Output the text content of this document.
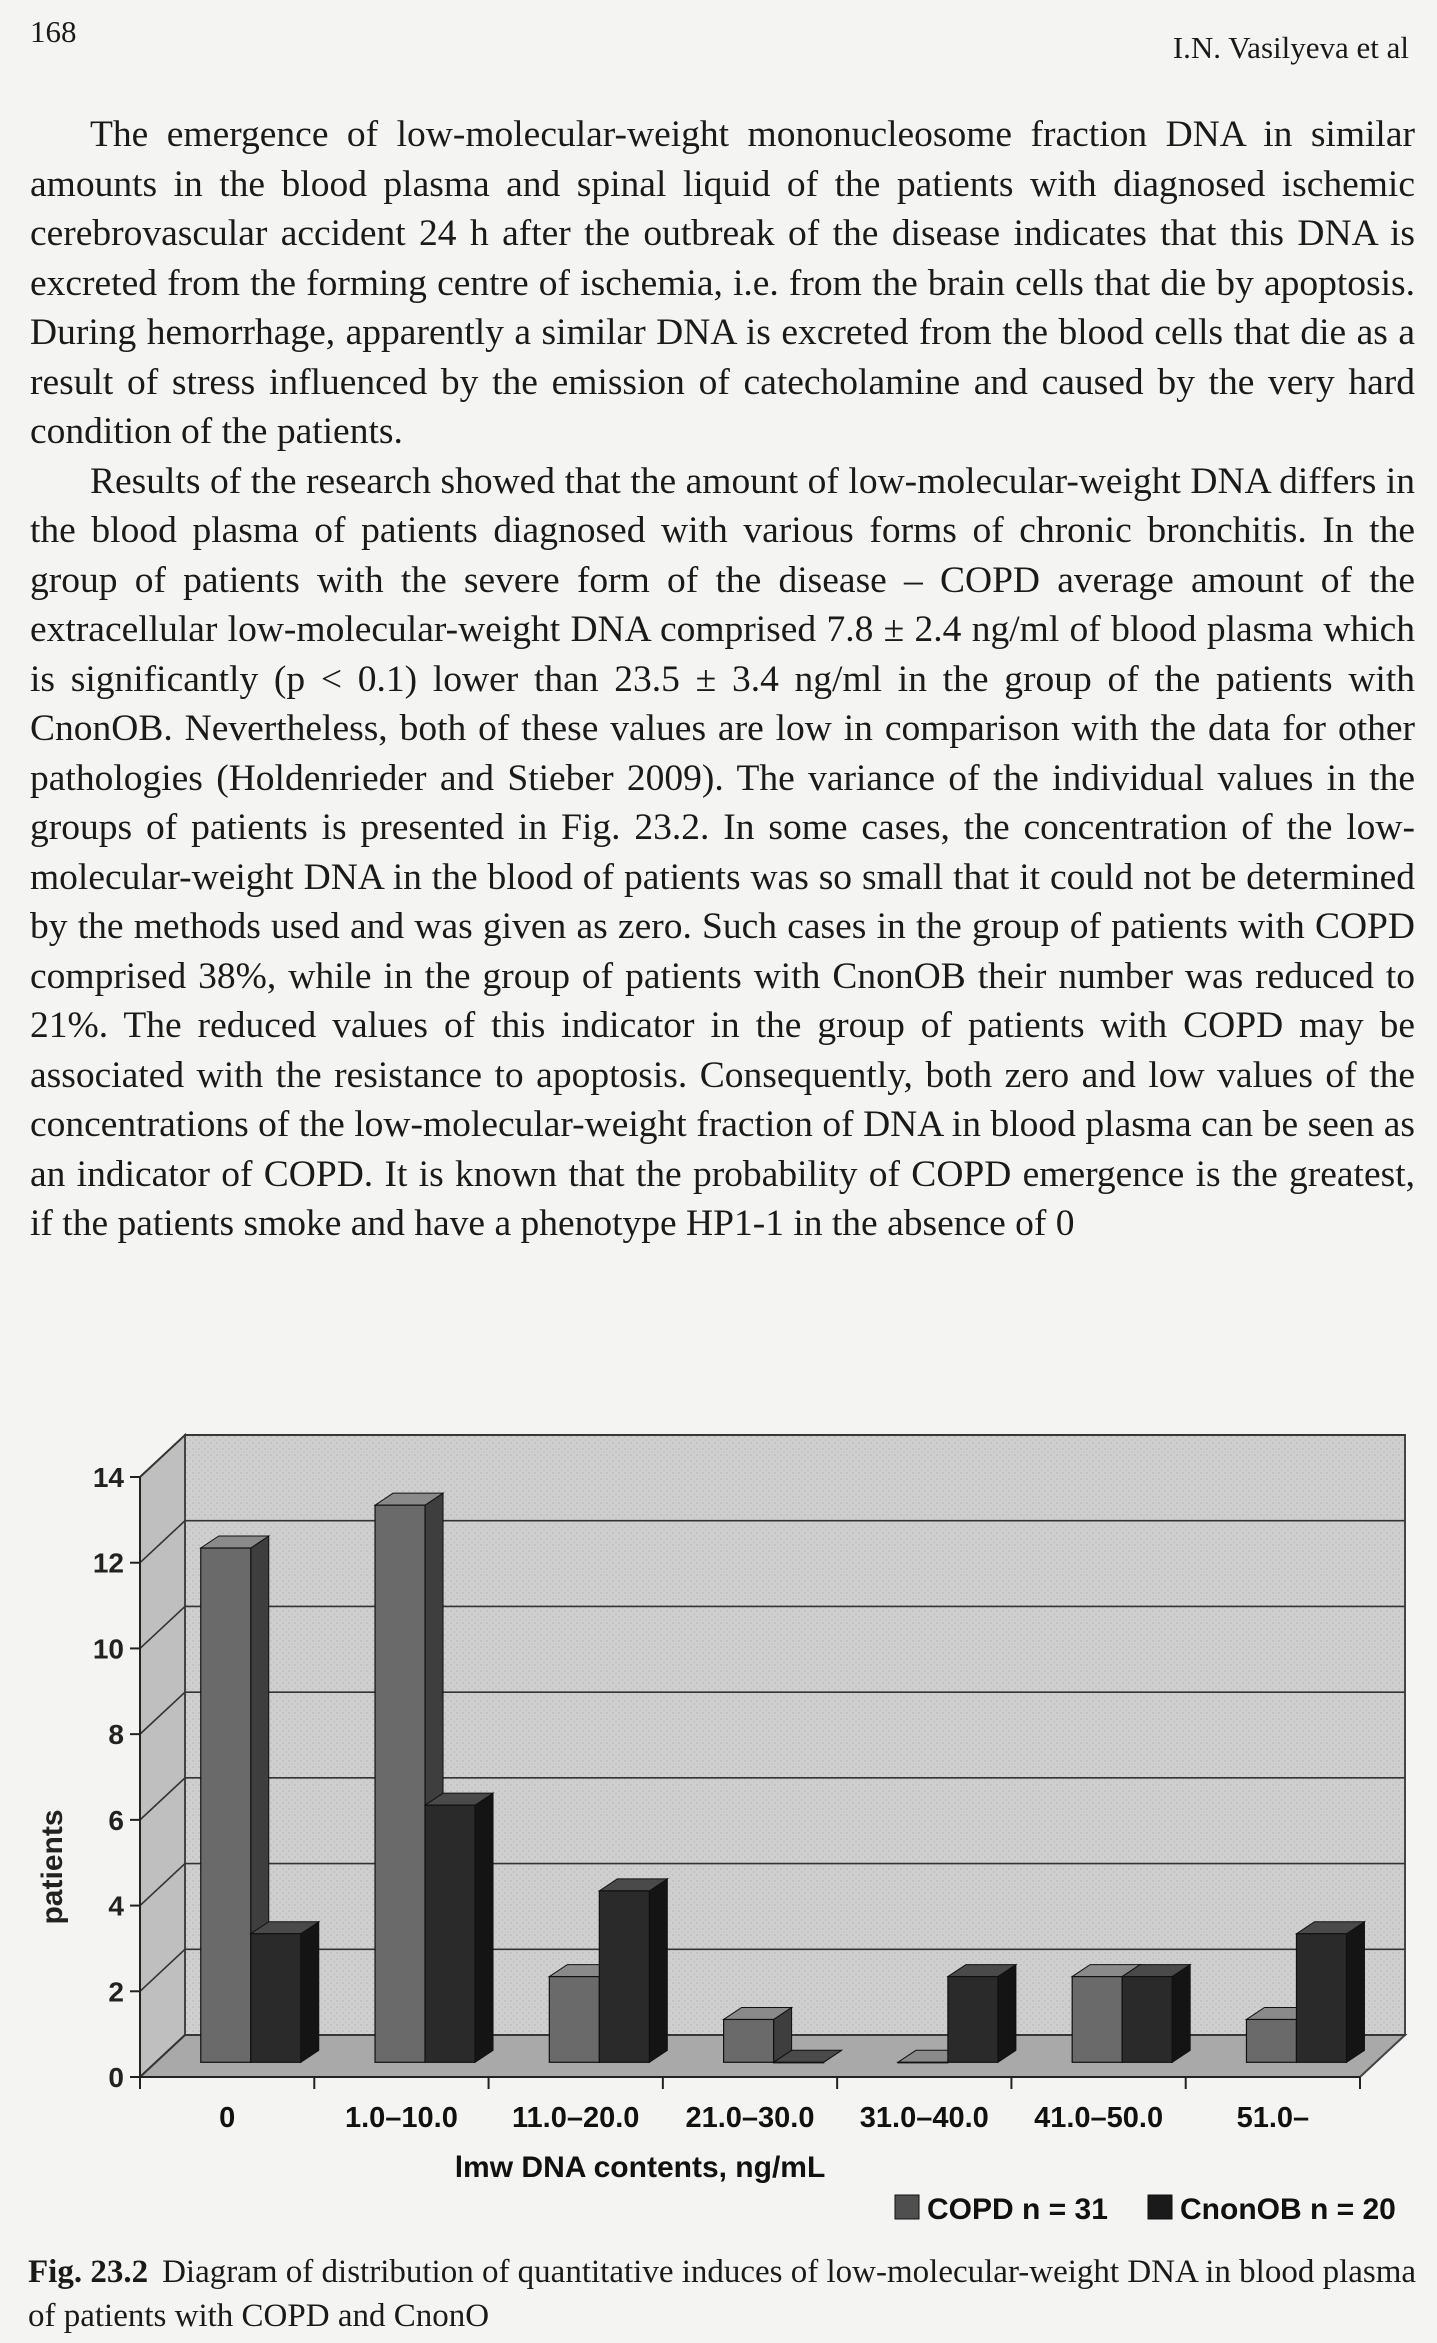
168	I.N. Vasilyeva et al

The emergence of low-molecular-weight mononucleosome fraction DNA in similar amounts in the blood plasma and spinal liquid of the patients with diagnosed ischemic cerebrovascular accident 24 h after the outbreak of the disease indicates that this DNA is excreted from the forming centre of ischemia, i.e. from the brain cells that die by apoptosis. During hemorrhage, apparently a similar DNA is excreted from the blood cells that die as a result of stress influenced by the emission of catecholamine and caused by the very hard condition of the patients.

Results of the research showed that the amount of low-molecular-weight DNA differs in the blood plasma of patients diagnosed with various forms of chronic bronchitis. In the group of patients with the severe form of the disease – COPD average amount of the extracellular low-molecular-weight DNA comprised 7.8 ± 2.4 ng/ml of blood plasma which is significantly (p < 0.1) lower than 23.5 ± 3.4 ng/ml in the group of the patients with CnonOB. Nevertheless, both of these values are low in comparison with the data for other pathologies (Holdenrieder and Stieber 2009). The variance of the individual values in the groups of patients is presented in Fig. 23.2. In some cases, the concentration of the low-molecular-weight DNA in the blood of patients was so small that it could not be determined by the methods used and was given as zero. Such cases in the group of patients with COPD comprised 38%, while in the group of patients with CnonOB their number was reduced to 21%. The reduced values of this indicator in the group of patients with COPD may be associated with the resistance to apoptosis. Consequently, both zero and low values of the concentrations of the low-molecular-weight fraction of DNA in blood plasma can be seen as an indicator of COPD. It is known that the probability of COPD emergence is the greatest, if the patients smoke and have a phenotype HP1-1 in the absence of 0

0
2
4
6
8
10
12
14
0	1.0–10.0 11.0–20.0 21.0–30.0 31.0–40.0 41.0–50.0	51.0–
patients
lmw DNA contents, ng/mL
COPD n = 31 CnonOB n = 20
Fig. 23.2 Diagram of distribution of quantitative induces of low-molecular-weight DNA in blood plasma of patients with COPD and CnonO
